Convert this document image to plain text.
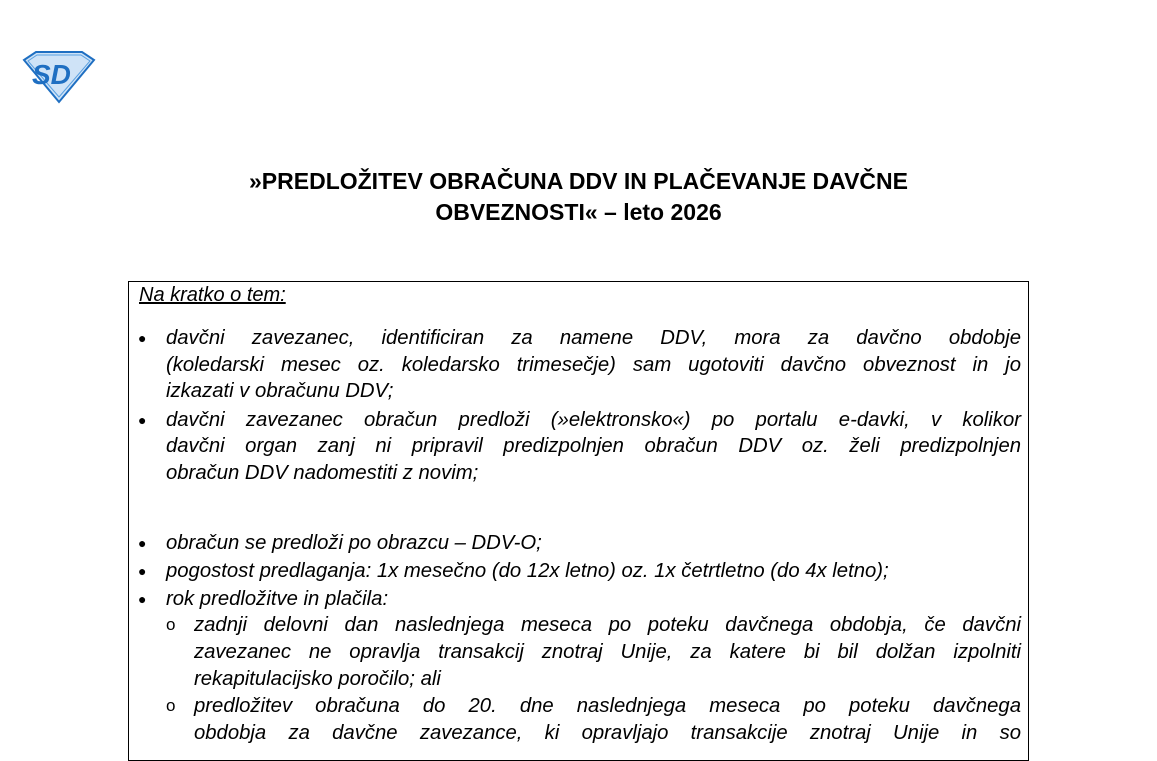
SD
»PREDLOŽITEV OBRAČUNA DDV IN PLAČEVANJE DAVČNE
OBVEZNOSTI« – leto 2026
Na kratko o tem:
● davčni zavezanec, identificiran za namene DDV, mora za davčno obdobje
(koledarski mesec oz. koledarsko trimesečje) sam ugotoviti davčno obveznost in jo
izkazati v obračunu DDV;
● davčni zavezanec obračun predloži (»elektronsko«) po portalu e-davki, v kolikor
davčni organ zanj ni pripravil predizpolnjen obračun DDV oz. želi predizpolnjen
obračun DDV nadomestiti z novim;
● obračun se predloži po obrazcu – DDV-O;
● pogostost predlaganja: 1x mesečno (do 12x letno) oz. 1x četrtletno (do 4x letno);
● rok predložitve in plačila:
o zadnji delovni dan naslednjega meseca po poteku davčnega obdobja, če davčni
zavezanec ne opravlja transakcij znotraj Unije, za katere bi bil dolžan izpolniti
rekapitulacijsko poročilo; ali
o predložitev obračuna do 20. dne naslednjega meseca po poteku davčnega
obdobja za davčne zavezance, ki opravljajo transakcije znotraj Unije in so
